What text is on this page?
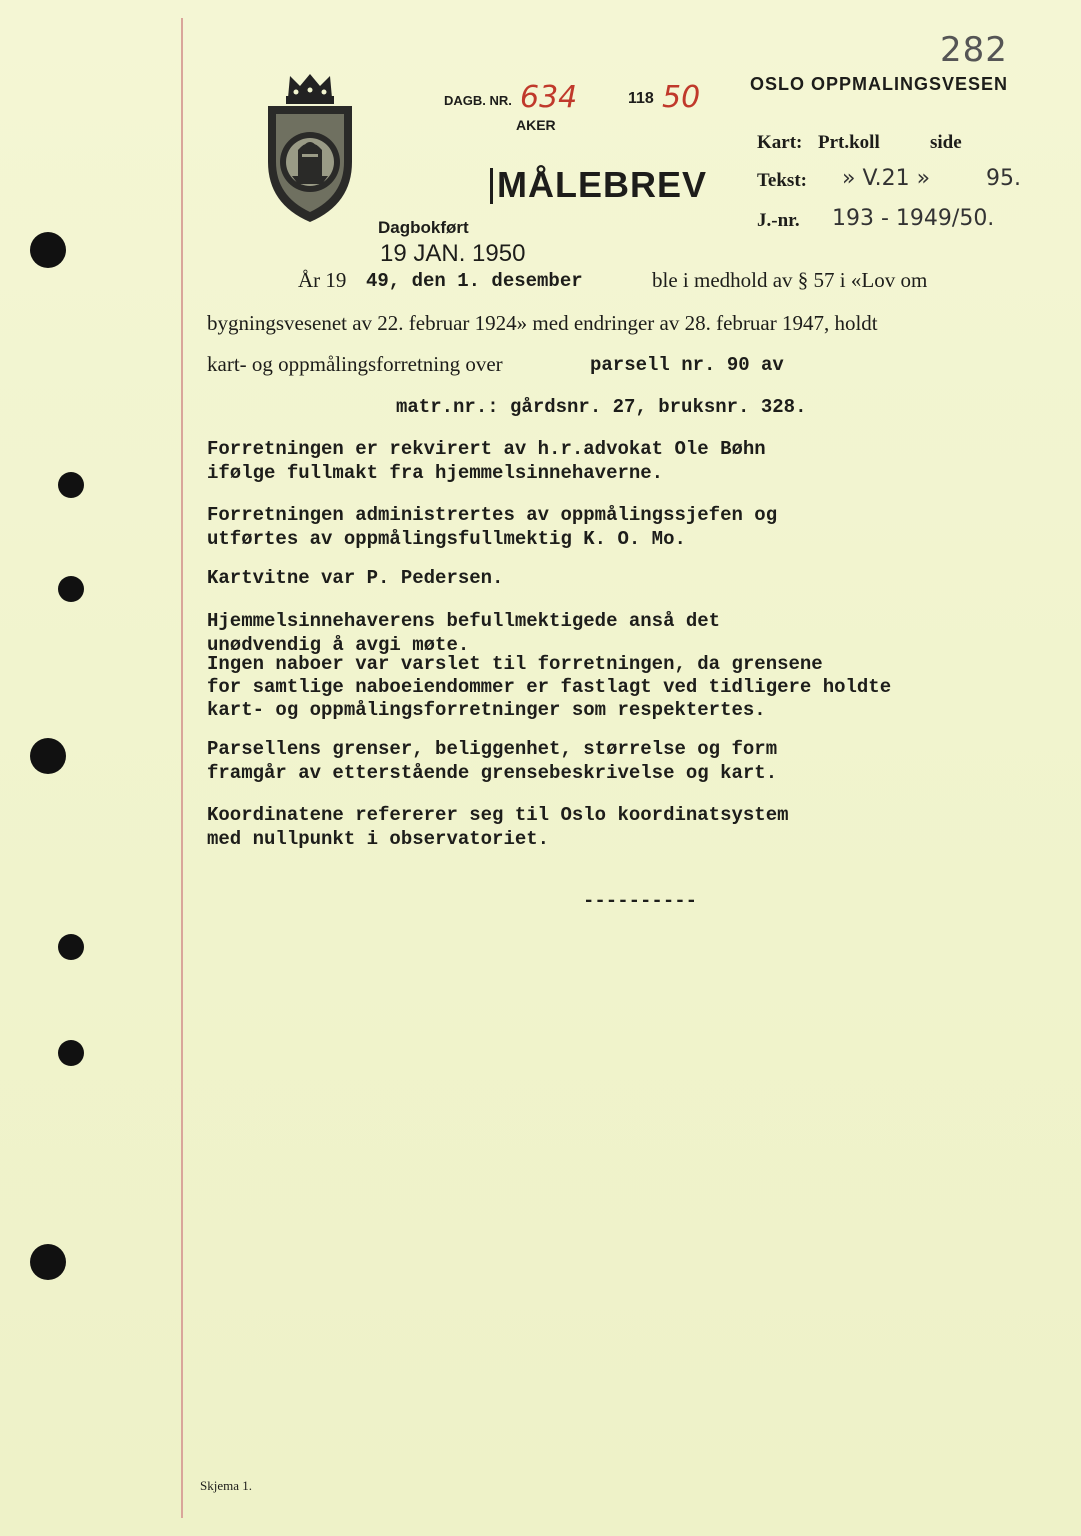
282
OSLO OPPMALINGSVESEN
DAGB. NR. 634	118 50
AKER
MÅLEBREV
Kart: Prt.koll	side
Tekst: » V.21 »	95.
J.-nr. 193 - 1949/50.
Dagbokført
19 JAN. 1950
År 19 49, den 1. desember	ble i medhold av § 57 i «Lov om
bygningsvesenet av 22. februar 1924» med endringer av 28. februar 1947, holdt
kart- og oppmålingsforretning over	parsell nr. 90 av
matr.nr.: gårdsnr. 27, bruksnr. 328.
Forretningen er rekvirert av h.r.advokat Ole Bøhn
ifølge fullmakt fra hjemmelsinnehaverne.
Forretningen administrertes av oppmålingssjefen og
utførtes av oppmålingsfullmektig K. O. Mo.
Kartvitne var P. Pedersen.
Hjemmelsinnehaverens befullmektigede anså det
unødvendig å avgi møte.
Ingen naboer var varslet til forretningen, da grensene
for samtlige naboeiendommer er fastlagt ved tidligere holdte
kart- og oppmålingsforretninger som respektertes.
Parsellens grenser, beliggenhet, størrelse og form
framgår av etterstående grensebeskrivelse og kart.
Koordinatene refererer seg til Oslo koordinatsystem
med nullpunkt i observatoriet.
----------
Skjema 1.
